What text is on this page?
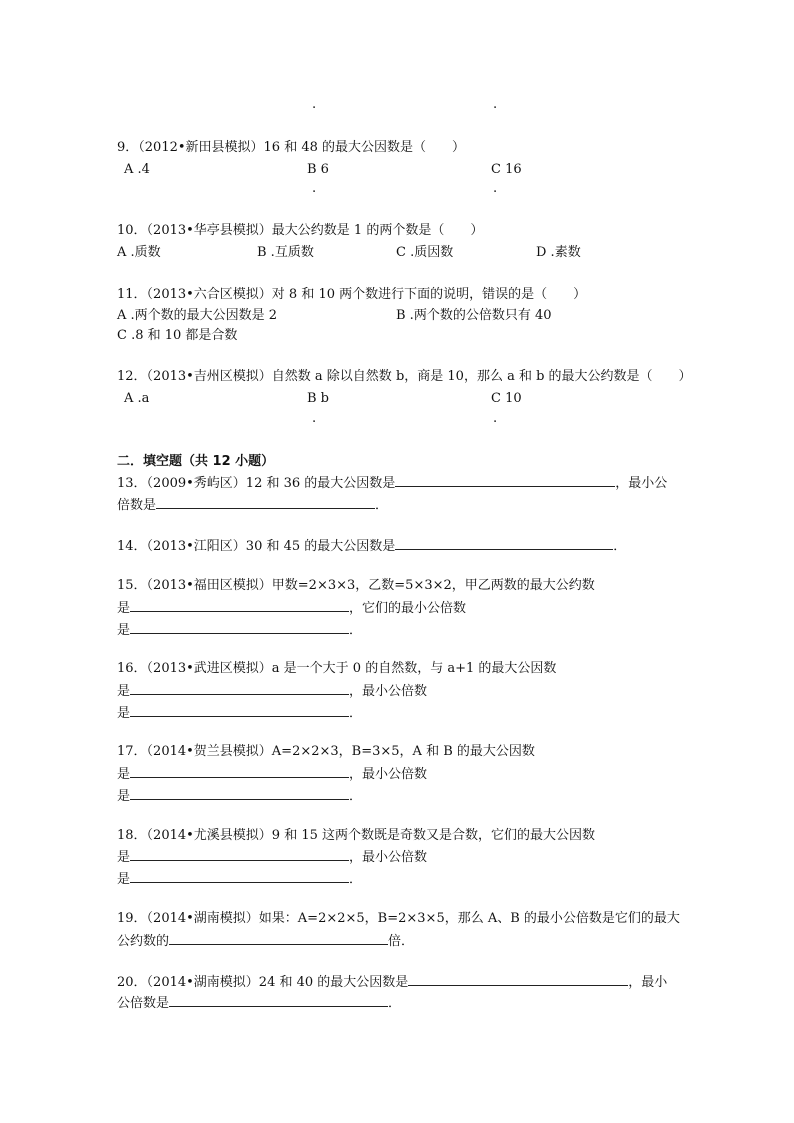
.	.
9．（2012•新田县模拟）16 和 48 的最大公因数是（　　）
A .4	B 6	C 16
.	.
10．（2013•华亭县模拟）最大公约数是 1 的两个数是（　　）
A .质数	B .互质数	C .质因数	D .素数
11．（2013•六合区模拟）对 8 和 10 两个数进行下面的说明，错误的是（　　）
A .两个数的最大公因数是 2	B .两个数的公倍数只有 40
C .8 和 10 都是合数
12．（2013•吉州区模拟）自然数 a 除以自然数 b，商是 10，那么 a 和 b 的最大公约数是（　　）
A .a	B b	C 10
.	.
二．填空题（共 12 小题）
13．（2009•秀屿区）12 和 36 的最大公因数是	，最小公
倍数是	．
14．（2013•江阳区）30 和 45 的最大公因数是	．
15．（2013•福田区模拟）甲数=2×3×3，乙数=5×3×2，甲乙两数的最大公约数
是	，它们的最小公倍数
是	．
16．（2013•武进区模拟）a 是一个大于 0 的自然数，与 a+1 的最大公因数
是	，最小公倍数
是	．
17．（2014•贺兰县模拟）A=2×2×3，B=3×5，A 和 B 的最大公因数
是	，最小公倍数
是	．
18．（2014•尤溪县模拟）9 和 15 这两个数既是奇数又是合数，它们的最大公因数
是	，最小公倍数
是	．
19．（2014•湖南模拟）如果：A=2×2×5，B=2×3×5，那么 A、B 的最小公倍数是它们的最大
公约数的	倍．
20．（2014•湖南模拟）24 和 40 的最大公因数是	，最小
公倍数是	．
